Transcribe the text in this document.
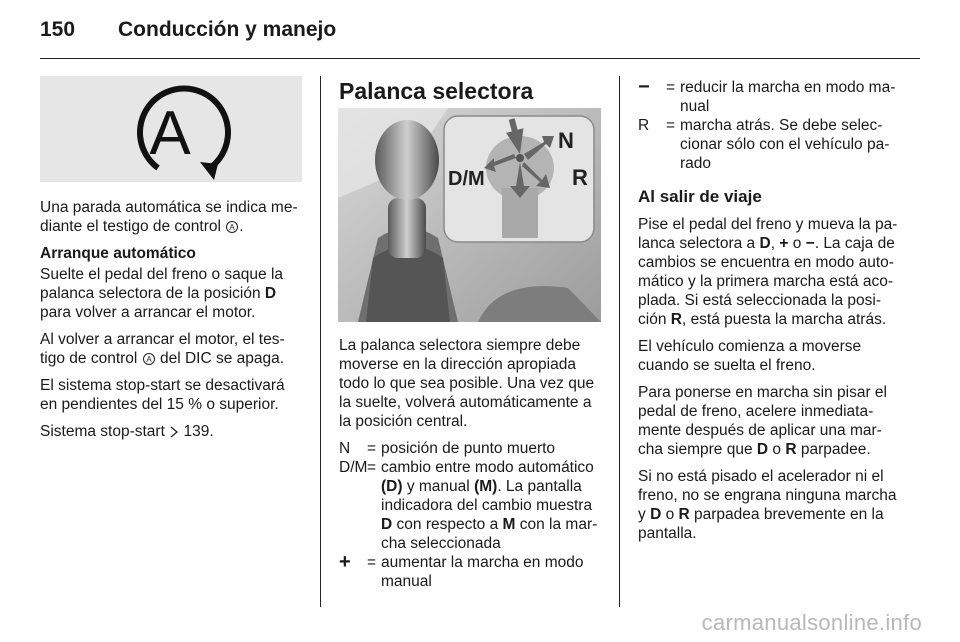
150 Conducción y manejo
A

Una parada automática se indica me-diante el testigo de control A .

Arranque automático

Suelte el pedal del freno o saque la palanca selectora de la posición D para volver a arrancar el motor.

Al volver a arrancar el motor, el tes-tigo de control A del DIC se apaga.

El sistema stop-start se desactivará en pendientes del 15 % o superior.

Sistema stop-start 139.

Palanca selectora
D/M
N
R

La palanca selectora siempre debe moverse en la dirección apropiada todo lo que sea posible. Una vez que la suelte, volverá automáticamente a la posición central.

N	= posición de punto muerto
D/M = cambio entre modo automático (D) y manual (M). La pantalla indicadora del cambio muestra D con respecto a M con la mar-cha seleccionada
+	= aumentar la marcha en modo manual
−	= reducir la marcha en modo ma-nual
R	= marcha atrás. Se debe selec-cionar sólo con el vehículo pa-rado

Al salir de viaje

Pise el pedal del freno y mueva la pa-lanca selectora a D, + o −. La caja de cambios se encuentra en modo auto-mático y la primera marcha está aco-plada. Si está seleccionada la posi-ción R, está puesta la marcha atrás.

El vehículo comienza a moverse cuando se suelta el freno.

Para ponerse en marcha sin pisar el pedal de freno, acelere inmediata-mente después de aplicar una mar-cha siempre que D o R parpadee.

Si no está pisado el acelerador ni el freno, no se engrana ninguna marcha y D o R parpadea brevemente en la pantalla.

carmanualsonline.info
